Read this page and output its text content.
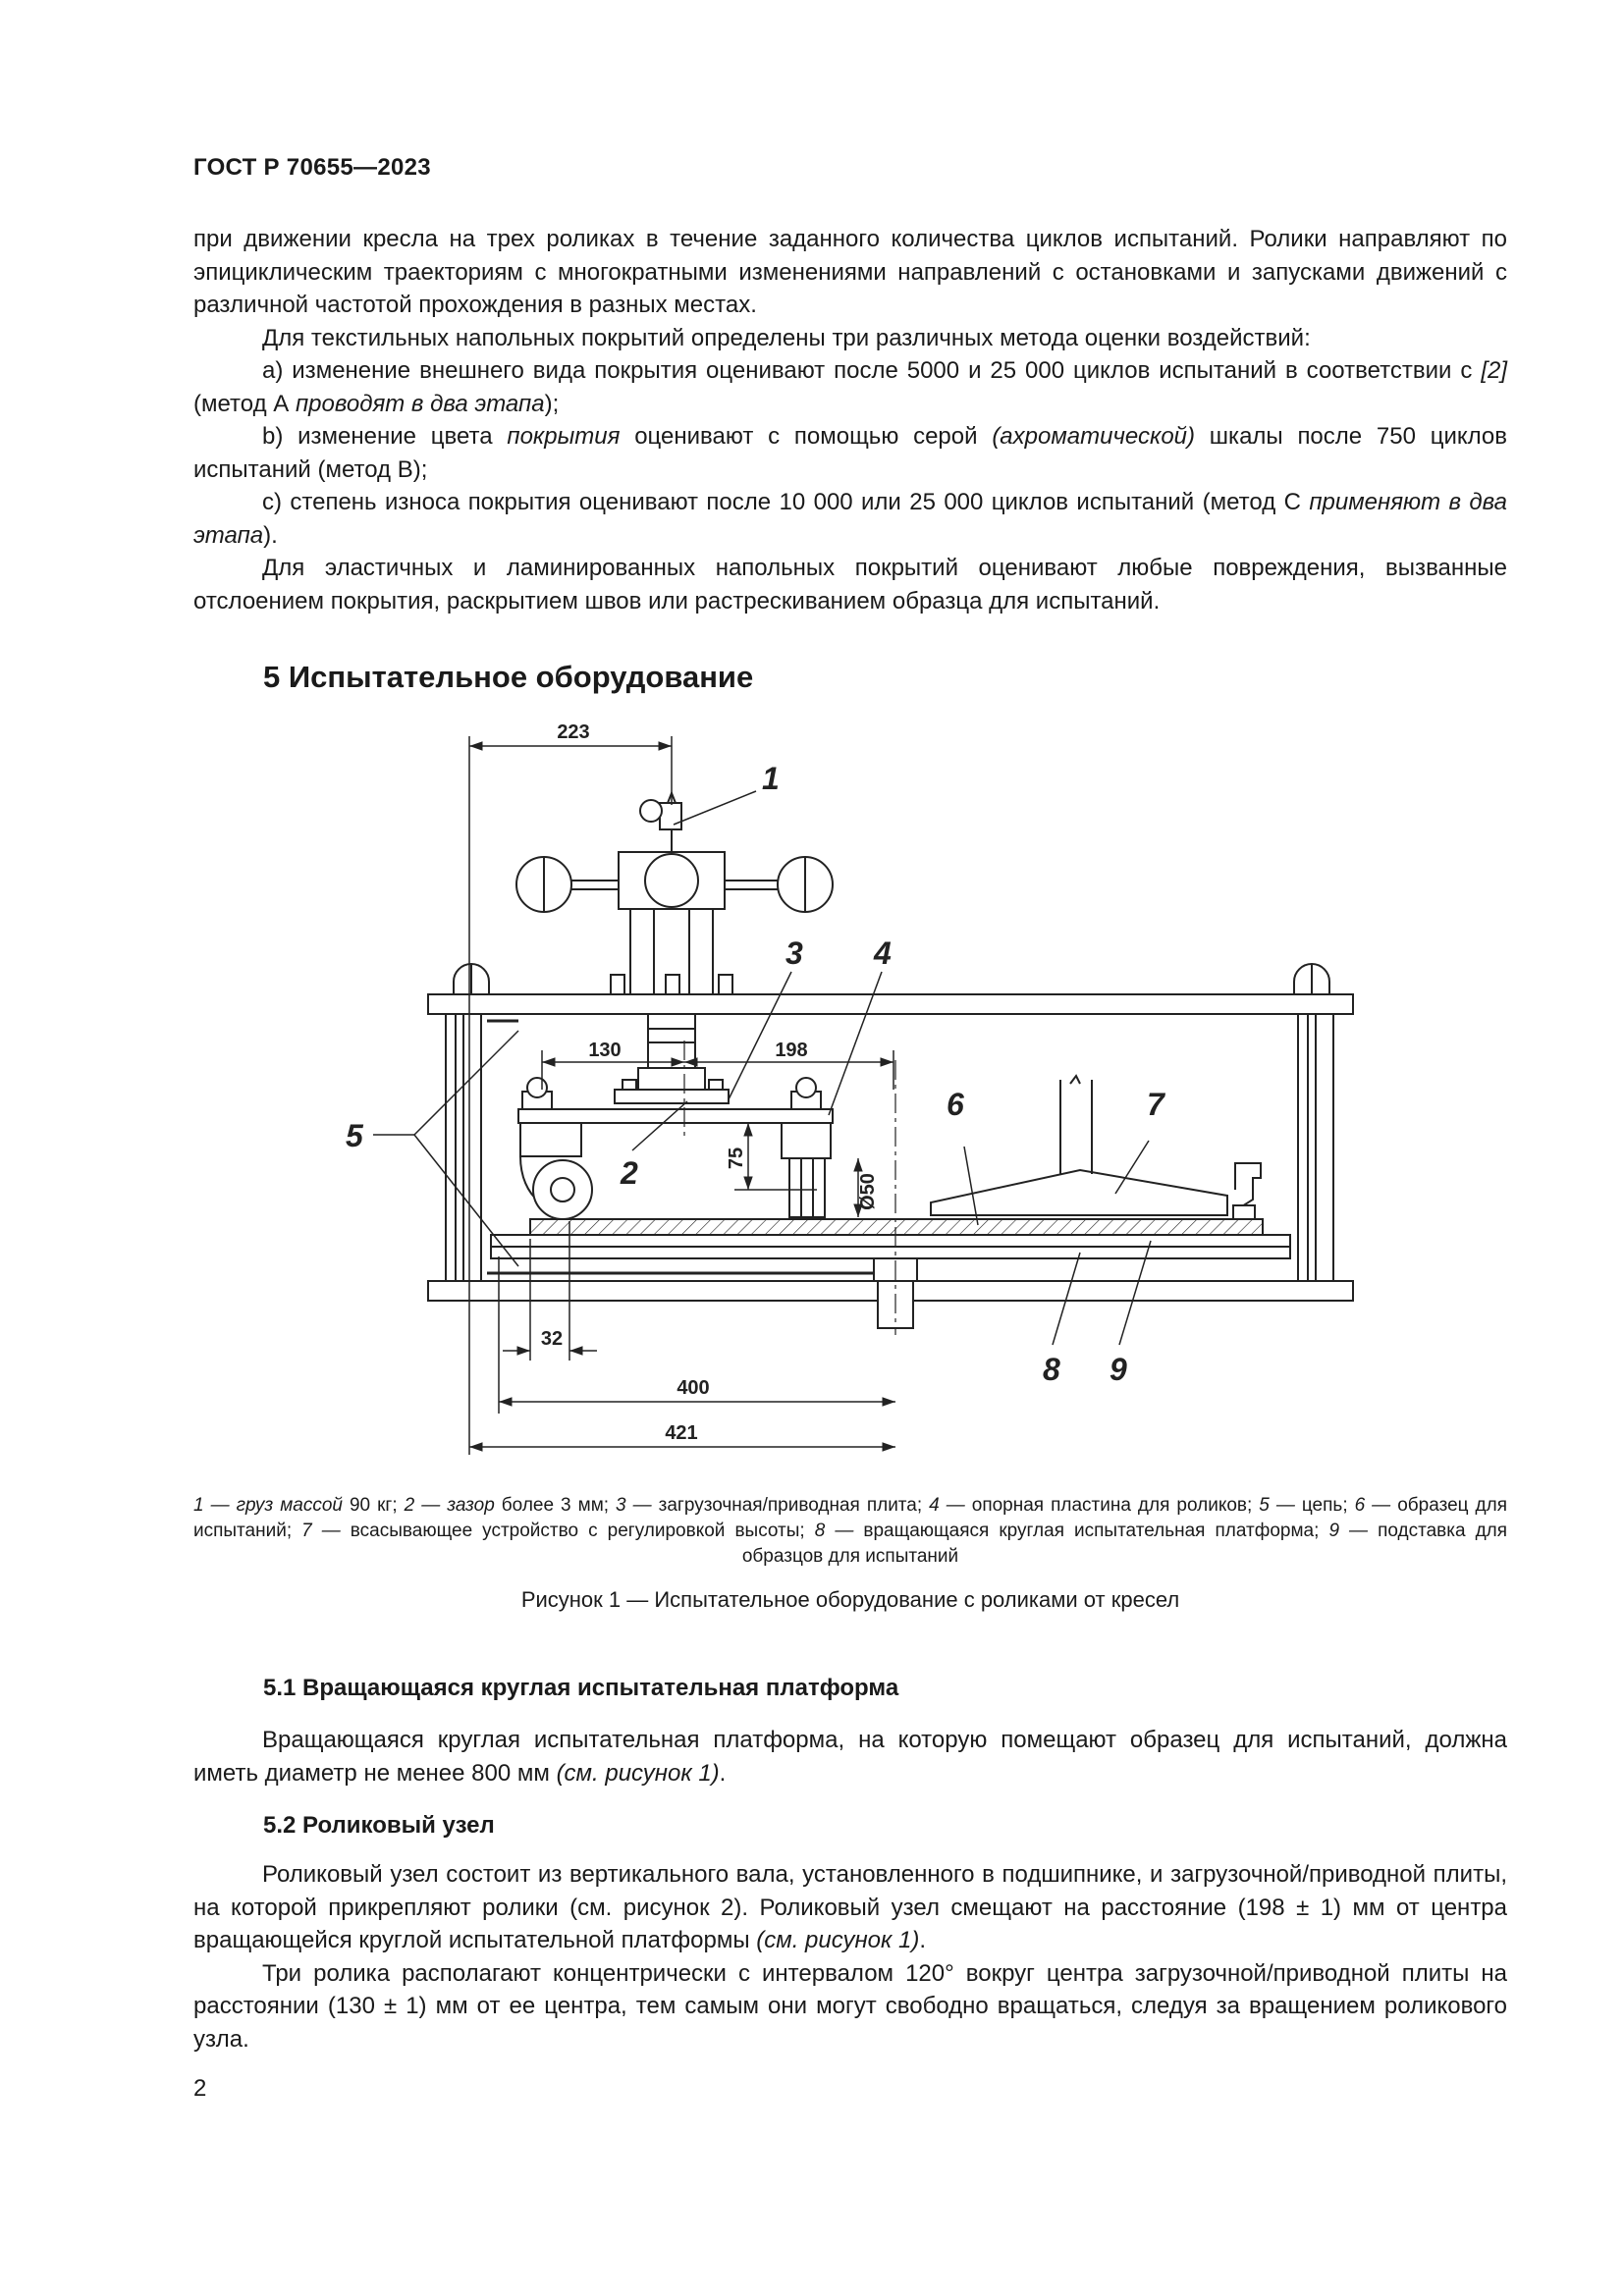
ГОСТ Р 70655—2023

при движении кресла на трех роликах в течение заданного количества циклов испытаний. Ролики направляют по эпициклическим траекториям с многократными изменениями направлений с остановками и запусками движений с различной частотой прохождения в разных местах.

Для текстильных напольных покрытий определены три различных метода оценки воздействий:

a) изменение внешнего вида покрытия оценивают после 5000 и 25 000 циклов испытаний в соответствии с [2] (метод А проводят в два этапа);

b) изменение цвета покрытия оценивают с помощью серой (ахроматической) шкалы после 750 циклов испытаний (метод В);

c) степень износа покрытия оценивают после 10 000 или 25 000 циклов испытаний (метод С применяют в два этапа).

Для эластичных и ламинированных напольных покрытий оценивают любые повреждения, вызванные отслоением покрытия, раскрытием швов или растрескиванием образца для испытаний.

5 Испытательное оборудование
223
130	198
75
Ø50
32
400
421
1
2
3 4
5
6	7
8 9
1 — груз массой 90 кг; 2 — зазор более 3 мм; 3 — загрузочная/приводная плита; 4 — опорная пластина для роликов; 5 — цепь; 6 — образец для испытаний; 7 — всасывающее устройство с регулировкой высоты; 8 — вращающаяся круглая испытательная платформа; 9 — подставка для образцов для испытаний
Рисунок 1 — Испытательное оборудование с роликами от кресел
5.1 Вращающаяся круглая испытательная платформа

Вращающаяся круглая испытательная платформа, на которую помещают образец для испытаний, должна иметь диаметр не менее 800 мм (см. рисунок 1).

5.2 Роликовый узел

Роликовый узел состоит из вертикального вала, установленного в подшипнике, и загрузочной/приводной плиты, на которой прикрепляют ролики (см. рисунок 2). Роликовый узел смещают на расстояние (198 ± 1) мм от центра вращающейся круглой испытательной платформы (см. рисунок 1).

Три ролика располагают концентрически с интервалом 120° вокруг центра загрузочной/приводной плиты на расстоянии (130 ± 1) мм от ее центра, тем самым они могут свободно вращаться, следуя за вращением роликового узла.

2
